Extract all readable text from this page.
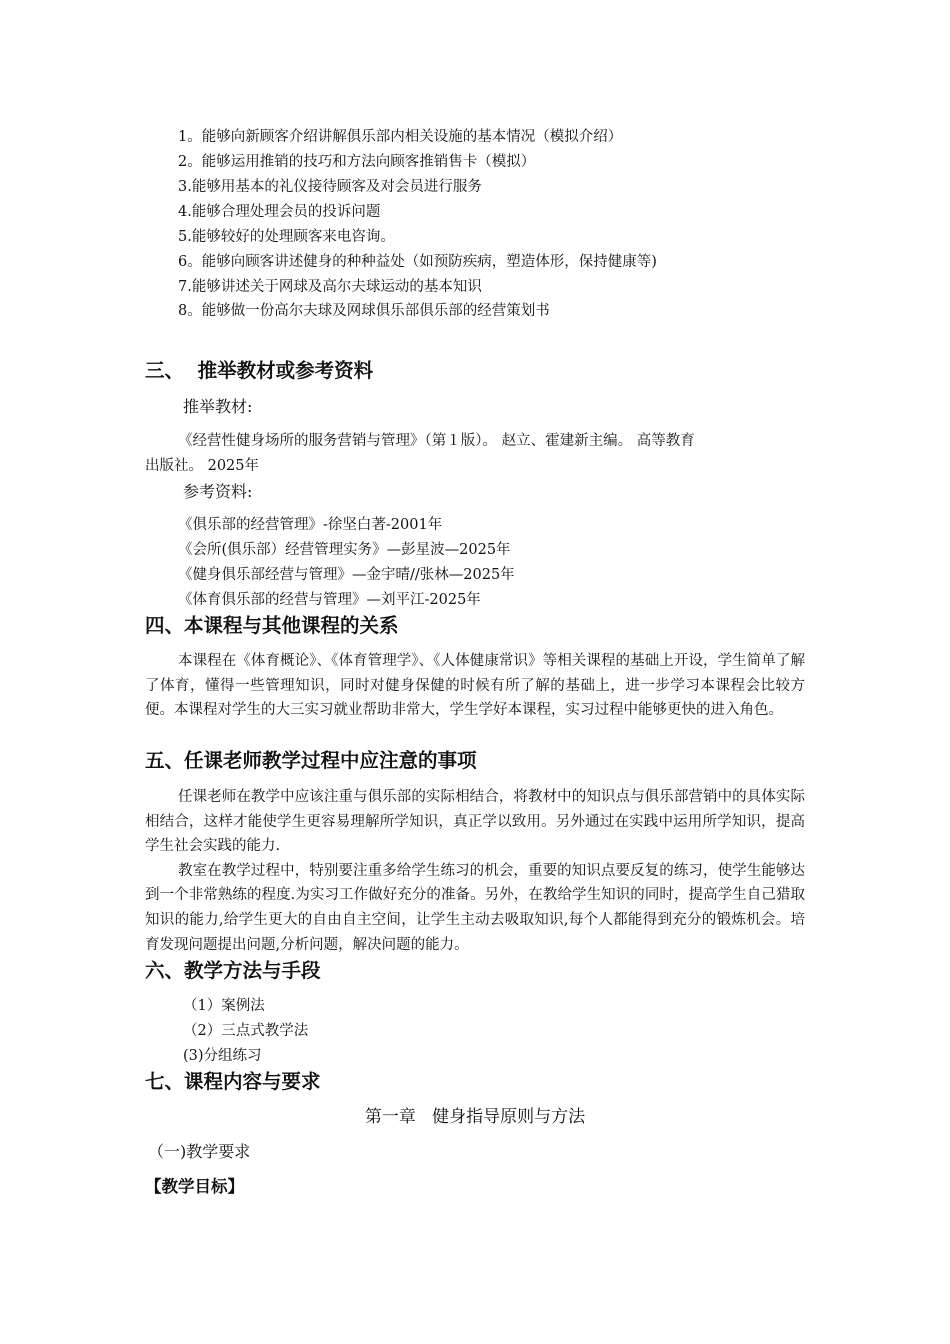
1。能够向新顾客介绍讲解俱乐部内相关设施的基本情况（模拟介绍）
2。能够运用推销的技巧和方法向顾客推销售卡（模拟）
3.能够用基本的礼仪接待顾客及对会员进行服务
4.能够合理处理会员的投诉问题
5.能够较好的处理顾客来电咨询。
6。能够向顾客讲述健身的种种益处（如预防疾病，塑造体形，保持健康等)
7.能够讲述关于网球及高尔夫球运动的基本知识
8。能够做一份高尔夫球及网球俱乐部俱乐部的经营策划书
三、  推举教材或参考资料
推举教材:
《经营性健身场所的服务营销与管理》（第１版）。 赵立、霍建新主编。 高等教育
出版社。 2025年
参考资料:
《俱乐部的经营管理》-徐坚白著-2001年
《会所(俱乐部）经营管理实务》—彭星波—2025年
《健身俱乐部经营与管理》—金宇晴//张林—2025年
《体育俱乐部的经营与管理》—刘平江-2025年
四、本课程与其他课程的关系

本课程在《体育概论》、《体育管理学》、《人体健康常识》等相关课程的基础上开设，学生简单了解了体育，懂得一些管理知识，同时对健身保健的时候有所了解的基础上，进一步学习本课程会比较方便。本课程对学生的大三实习就业帮助非常大，学生学好本课程，实习过程中能够更快的进入角色。

五、任课老师教学过程中应注意的事项

任课老师在教学中应该注重与俱乐部的实际相结合，将教材中的知识点与俱乐部营销中的具体实际相结合，这样才能使学生更容易理解所学知识，真正学以致用。另外通过在实践中运用所学知识，提高学生社会实践的能力.

教室在教学过程中，特别要注重多给学生练习的机会，重要的知识点要反复的练习，使学生能够达到一个非常熟练的程度.为实习工作做好充分的准备。另外，在教给学生知识的同时，提高学生自己猎取知识的能力,给学生更大的自由自主空间，让学生主动去吸取知识,每个人都能得到充分的锻炼机会。培育发现问题提出问题,分析问题，解决问题的能力。

六、教学方法与手段
（1）案例法
（2）三点式教学法
(3)分组练习
七、课程内容与要求
第一章   健身指导原则与方法
（一)教学要求
【教学目标】
